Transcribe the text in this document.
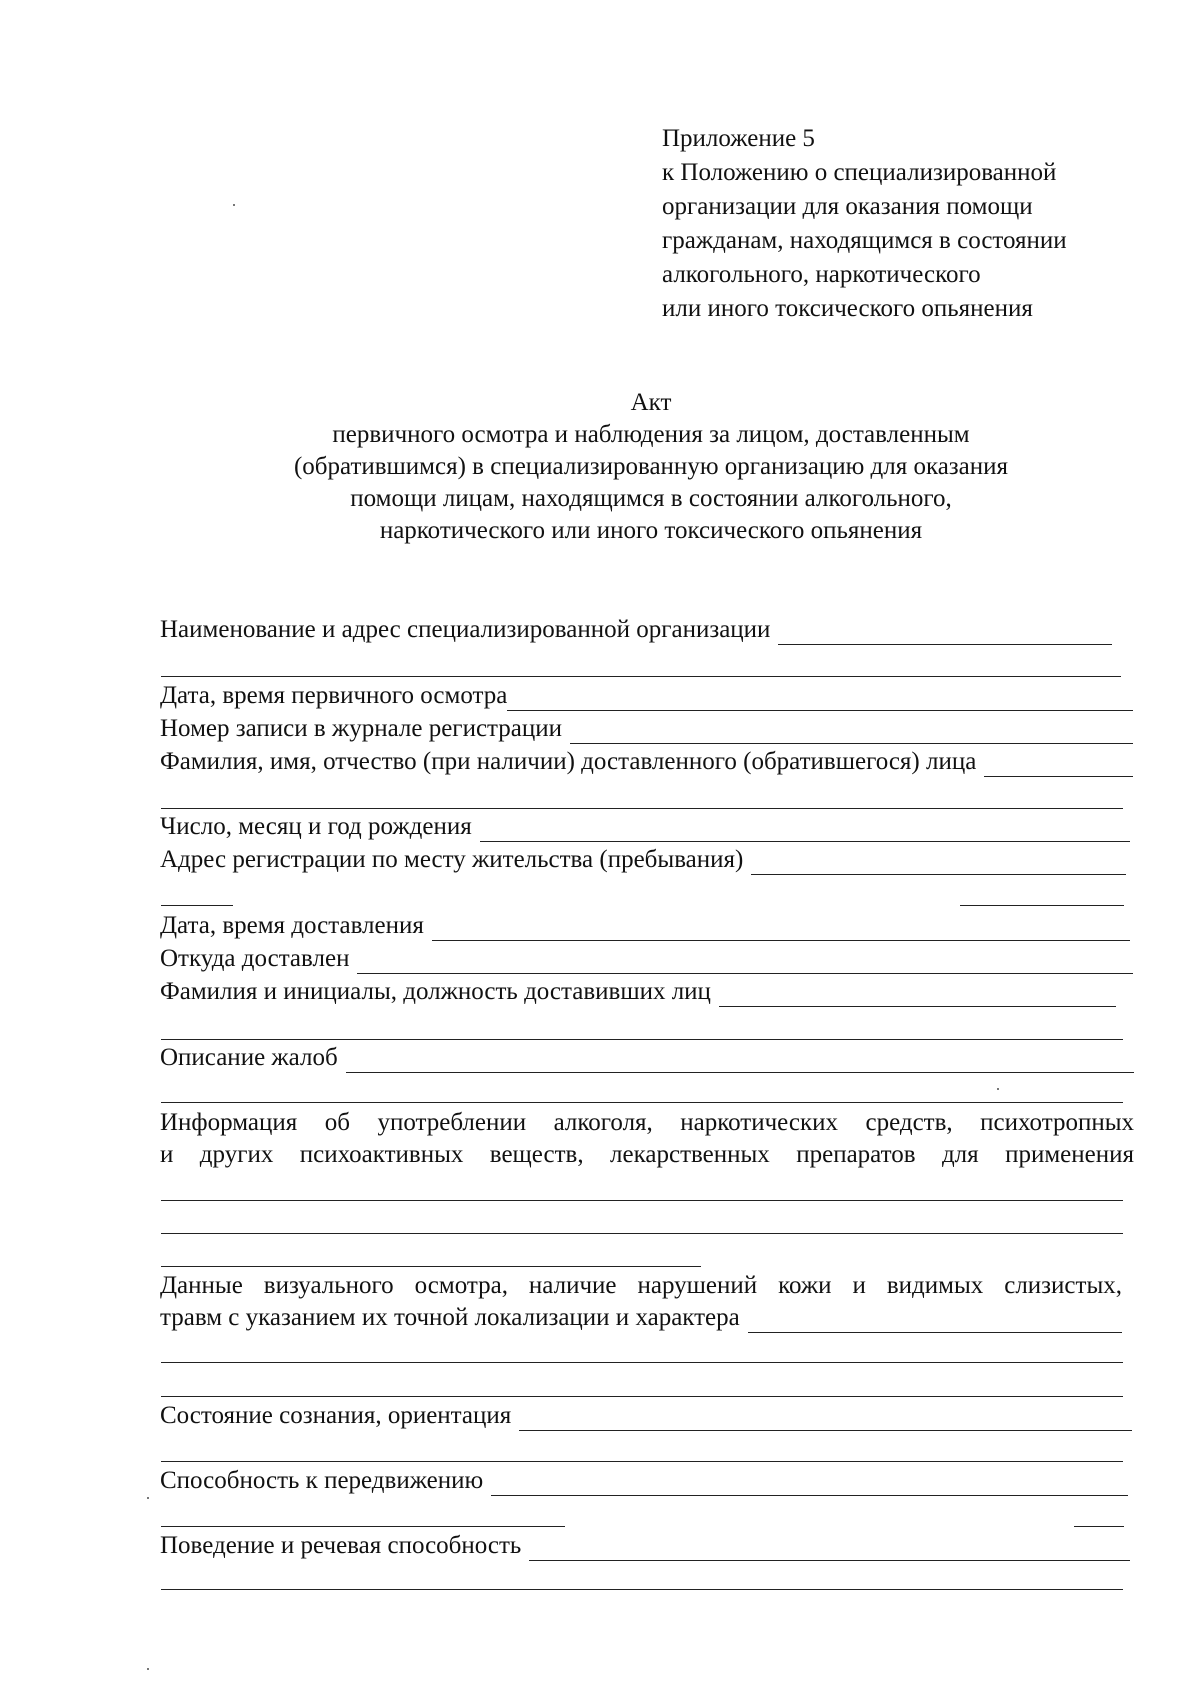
Приложение 5
к Положению о специализированной
организации для оказания помощи
гражданам, находящимся в состоянии
алкогольного, наркотического
или иного токсического опьянения
Акт
первичного осмотра и наблюдения за лицом, доставленным
(обратившимся) в специализированную организацию для оказания
помощи лицам, находящимся в состоянии алкогольного,
наркотического или иного токсического опьянения
Наименование и адрес специализированной организации
Дата, время первичного осмотра
Номер записи в журнале регистрации
Фамилия, имя, отчество (при наличии) доставленного (обратившегося) лица
Число, месяц и год рождения
Адрес регистрации по месту жительства (пребывания)
Дата, время доставления
Откуда доставлен
Фамилия и инициалы, должность доставивших лиц
Описание жалоб
Информация об употреблении алкоголя, наркотических средств, психотропных
и других психоактивных веществ, лекарственных препаратов для применения
Данные визуального осмотра, наличие нарушений кожи и видимых слизистых,
травм с указанием их точной локализации и характера
Состояние сознания, ориентация
Способность к передвижению
Поведение и речевая способность
